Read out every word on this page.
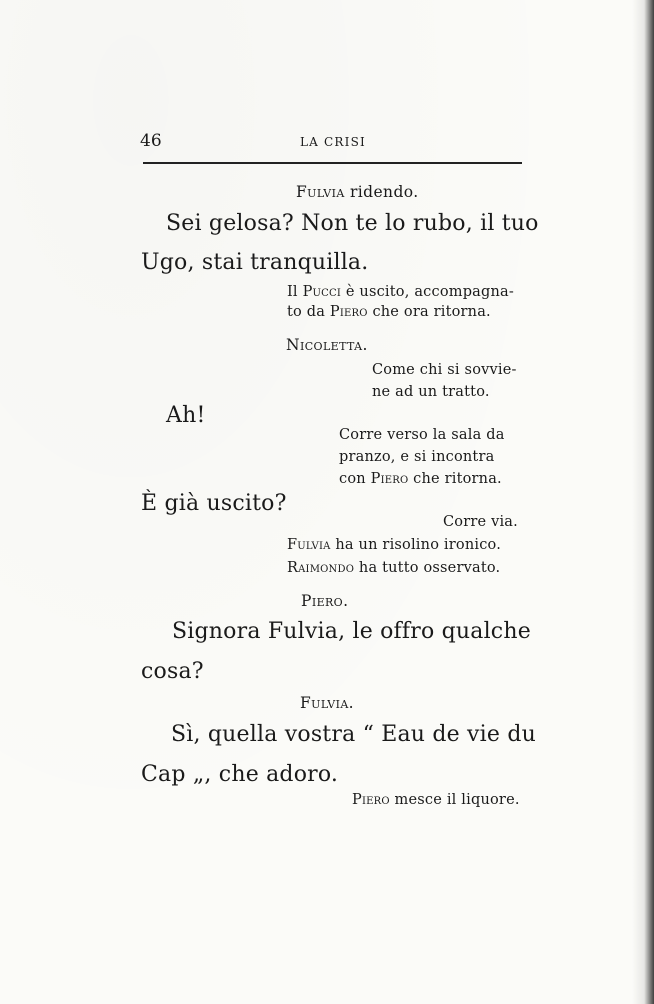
46	LA CRISI
Fulvia ridendo.
Sei gelosa? Non te lo rubo, il tuo
Ugo, stai tranquilla.
Il Pucci è uscito, accompagna-
to da Piero che ora ritorna.
Nicoletta.
Come chi si sovvie-
ne ad un tratto.
Ah!
Corre verso la sala da
pranzo, e si incontra
con Piero che ritorna.
È già uscito?
Corre via.
Fulvia ha un risolino ironico.
Raimondo ha tutto osservato.
Piero.
Signora Fulvia, le offro qualche
cosa?
Fulvia.
Sì, quella vostra “ Eau de vie du
Cap „, che adoro.
Piero mesce il liquore.
